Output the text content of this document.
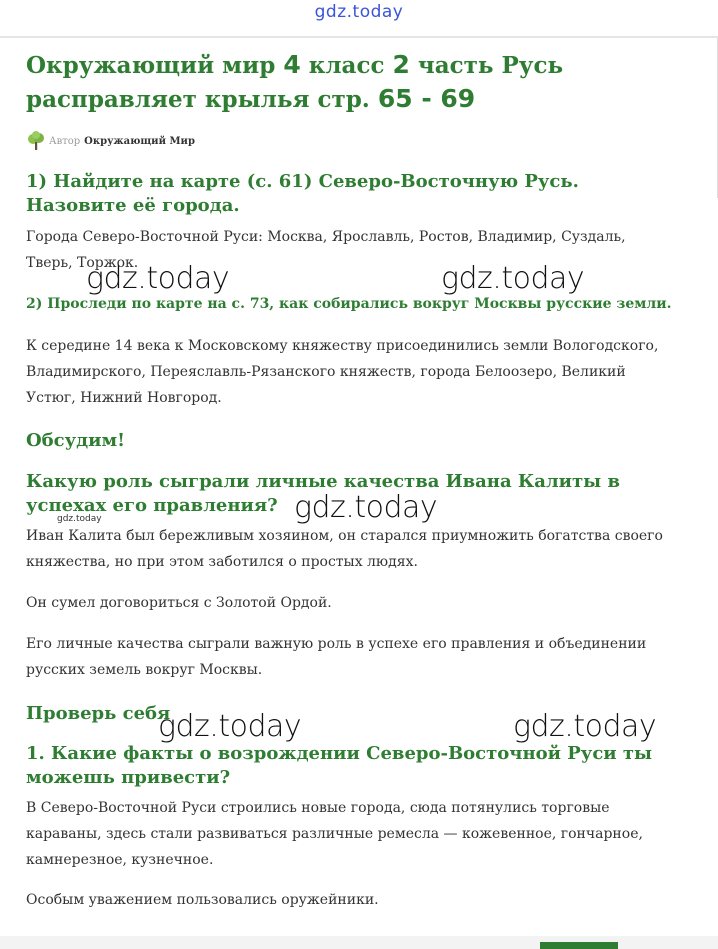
gdz.today
Окружающий мир 4 класс 2 часть Русь расправляет крылья стр. 65 - 69
Автор Окружающий Мир
1) Найдите на карте (с. 61) Северо-Восточную Русь. Назовите её города.

Города Северо-Восточной Руси: Москва, Ярославль, Ростов, Владимир, Суздаль, Тверь, Торжок.

2) Проследи по карте на с. 73, как собирались вокруг Москвы русские земли.

К середине 14 века к Московскому княжеству присоединились земли Вологодского, Владимирского, Переяславль-Рязанского княжеств, города Белоозеро, Великий Устюг, Нижний Новгород.

Обсудим!
Какую роль сыграли личные качества Ивана Калиты в успехах его правления?

Иван Калита был бережливым хозяином, он старался приумножить богатства своего княжества, но при этом заботился о простых людях.

Он сумел договориться с Золотой Ордой.

Его личные качества сыграли важную роль в успехе его правления и объединении русских земель вокруг Москвы.

Проверь себя
1. Какие факты о возрождении Северо-Восточной Руси ты можешь привести?

В Северо-Восточной Руси строились новые города, сюда потянулись торговые караваны, здесь стали развиваться различные ремесла — кожевенное, гончарное, камнерезное, кузнечное.

Особым уважением пользовались оружейники.

gdz.today	gdz.today
gdz.today
gdz.today
gdz.today	gdz.today
